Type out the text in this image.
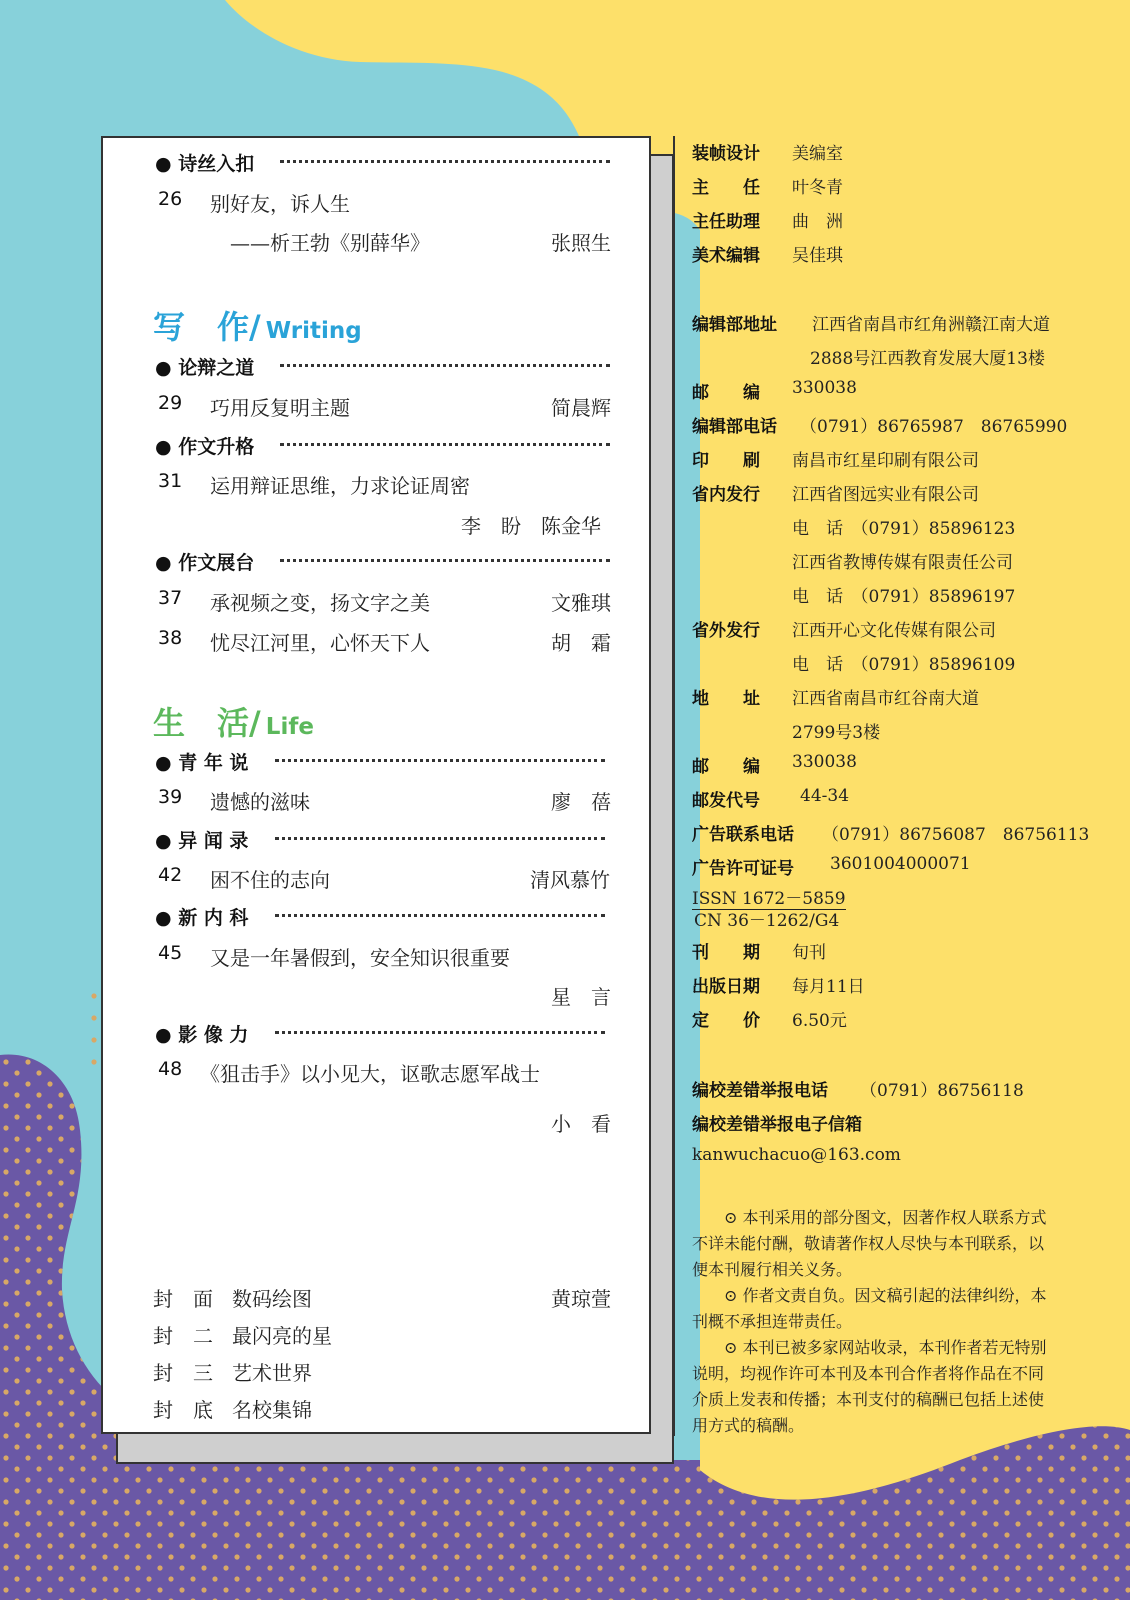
● 诗丝入扣
26 别好友，诉人生
——析王勃《别薛华》	张照生
写　作/ Writing
● 论辩之道
29 巧用反复明主题	简晨辉
● 作文升格
31 运用辩证思维，力求论证周密
李　盼　陈金华
● 作文展台
37 承视频之变，扬文字之美	文雅琪
38 忧尽江河里，心怀天下人	胡　霜
生　活/ Life
● 青 年 说
39 遗憾的滋味	廖　蓓
● 异 闻 录
42 困不住的志向	清风慕竹
● 新 内 科
45 又是一年暑假到，安全知识很重要
星　言
● 影 像 力
48 《狙击手》以小见大，讴歌志愿军战士
小　看
封　面 数码绘图	黄琼萱
封　二 最闪亮的星
封　三 艺术世界
封　底 名校集锦
装帧设计 美编室
主　　任 叶冬青
主任助理 曲　洲
美术编辑 吴佳琪
编辑部地址 江西省南昌市红角洲赣江南大道
2888号江西教育发展大厦13楼
邮　　编 330038
编辑部电话 （0791）86765987　86765990
印　　刷 南昌市红星印刷有限公司
省内发行 江西省图远实业有限公司
电　话　（0791）85896123
江西省教博传媒有限责任公司
电　话　（0791）85896197
省外发行 江西开心文化传媒有限公司
电　话　（0791）85896109
地　　址 江西省南昌市红谷南大道
2799号3楼
邮　　编 330038
邮发代号 44-34
广告联系电话 （0791）86756087　86756113
广告许可证号 3601004000071
ISSN 1672－5859
CN 36－1262/G4
刊　　期 旬刊
出版日期 每月11日
定　　价 6.50元
编校差错举报电话 （0791）86756118
编校差错举报电子信箱
kanwuchacuo@163.com

⊙ 本刊采用的部分图文，因著作权人联系方式不详未能付酬，敬请著作权人尽快与本刊联系，以便本刊履行相关义务。

⊙ 作者文责自负。因文稿引起的法律纠纷，本刊概不承担连带责任。

⊙ 本刊已被多家网站收录，本刊作者若无特别说明，均视作许可本刊及本刊合作者将作品在不同介质上发表和传播；本刊支付的稿酬已包括上述使用方式的稿酬。
